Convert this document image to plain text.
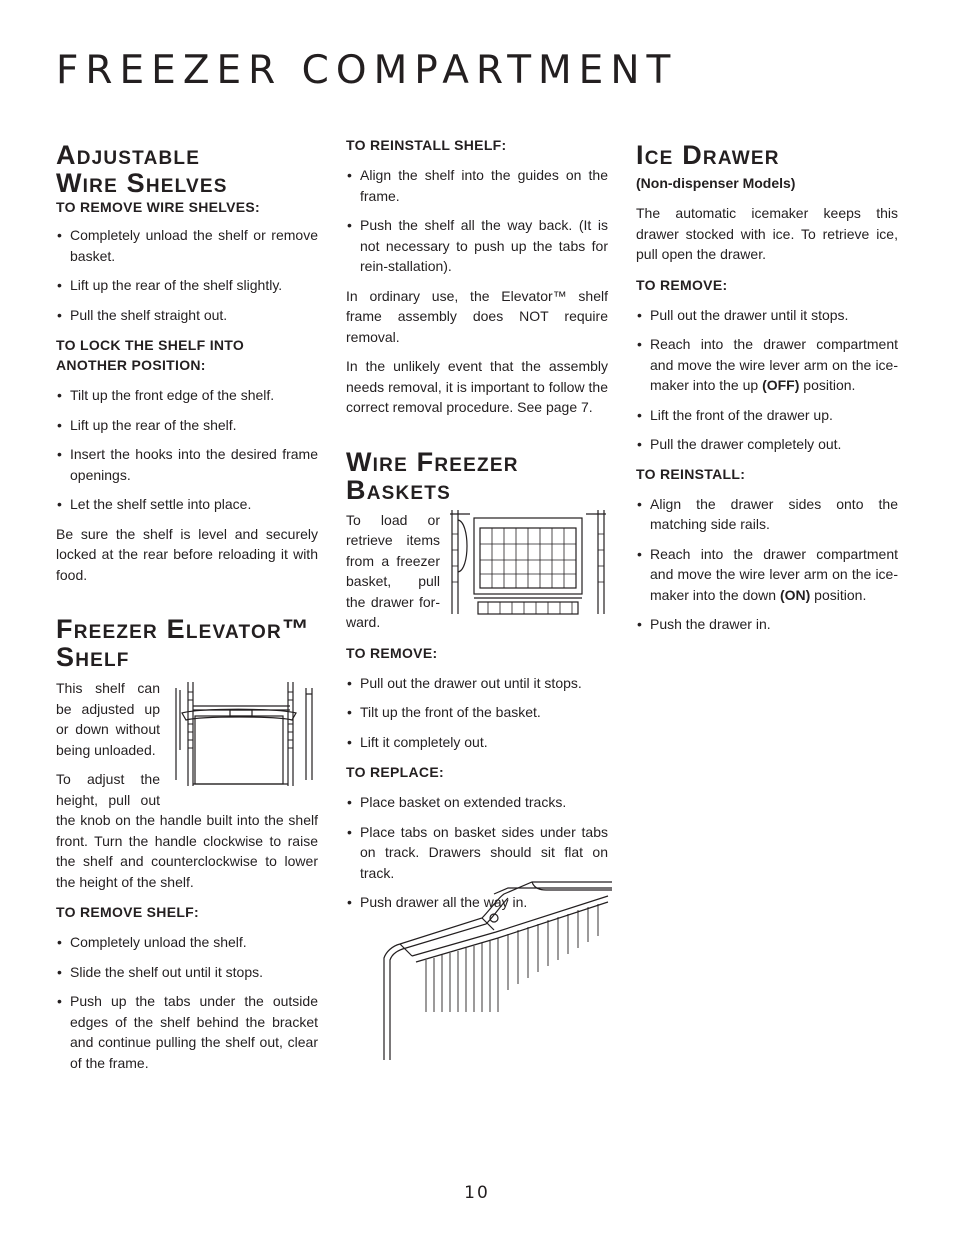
FREEZER COMPARTMENT
Adjustable
Wire Shelves
TO REMOVE WIRE SHELVES:
• Completely unload the shelf or remove basket.
• Lift up the rear of the shelf slightly.
• Pull the shelf straight out.
TO LOCK THE SHELF INTO ANOTHER POSITION:
• Tilt up the front edge of the shelf.
• Lift up the rear of the shelf.
• Insert the hooks into the desired frame openings.
• Let the shelf settle into place.

Be sure the shelf is level and securely locked at the rear before reloading it with food.

Freezer Elevator™
Shelf

This shelf can be adjusted up or down without being unloaded.

To adjust the height, pull out the knob on the handle built into the shelf front. Turn the handle clockwise to raise the shelf and counterclockwise to lower the height of the shelf.

TO REMOVE SHELF:
• Completely unload the shelf.
• Slide the shelf out until it stops.
• Push up the tabs under the outside edges of the shelf behind the bracket and continue pulling the shelf out, clear of the frame.
TO REINSTALL SHELF:
• Align the shelf into the guides on the frame.
• Push the shelf all the way back. (It is not necessary to push up the tabs for rein-stallation).

In ordinary use, the Elevator™ shelf frame assembly does NOT require removal.

In the unlikely event that the assembly needs removal, it is important to follow the correct removal procedure. See page 7.

Wire Freezer
Baskets

To load or retrieve items from a freezer basket, pull the drawer for-ward.

TO REMOVE:
• Pull out the drawer out until it stops.
• Tilt up the front of the basket.
• Lift it completely out.
TO REPLACE:
• Place basket on extended tracks.
• Place tabs on basket sides under tabs on track. Drawers should sit flat on track.
• Push drawer all the way in.
Ice Drawer

(Non-dispenser Models)

The automatic icemaker keeps this drawer stocked with ice. To retrieve ice, pull open the drawer.

TO REMOVE:
• Pull out the drawer until it stops.
• Reach into the drawer compartment and move the wire lever arm on the ice-maker into the up (OFF) position.
• Lift the front of the drawer up.
• Pull the drawer completely out.
TO REINSTALL:
• Align the drawer sides onto the matching side rails.
• Reach into the drawer compartment and move the wire lever arm on the ice-maker into the down (ON) position.
• Push the drawer in.

10
